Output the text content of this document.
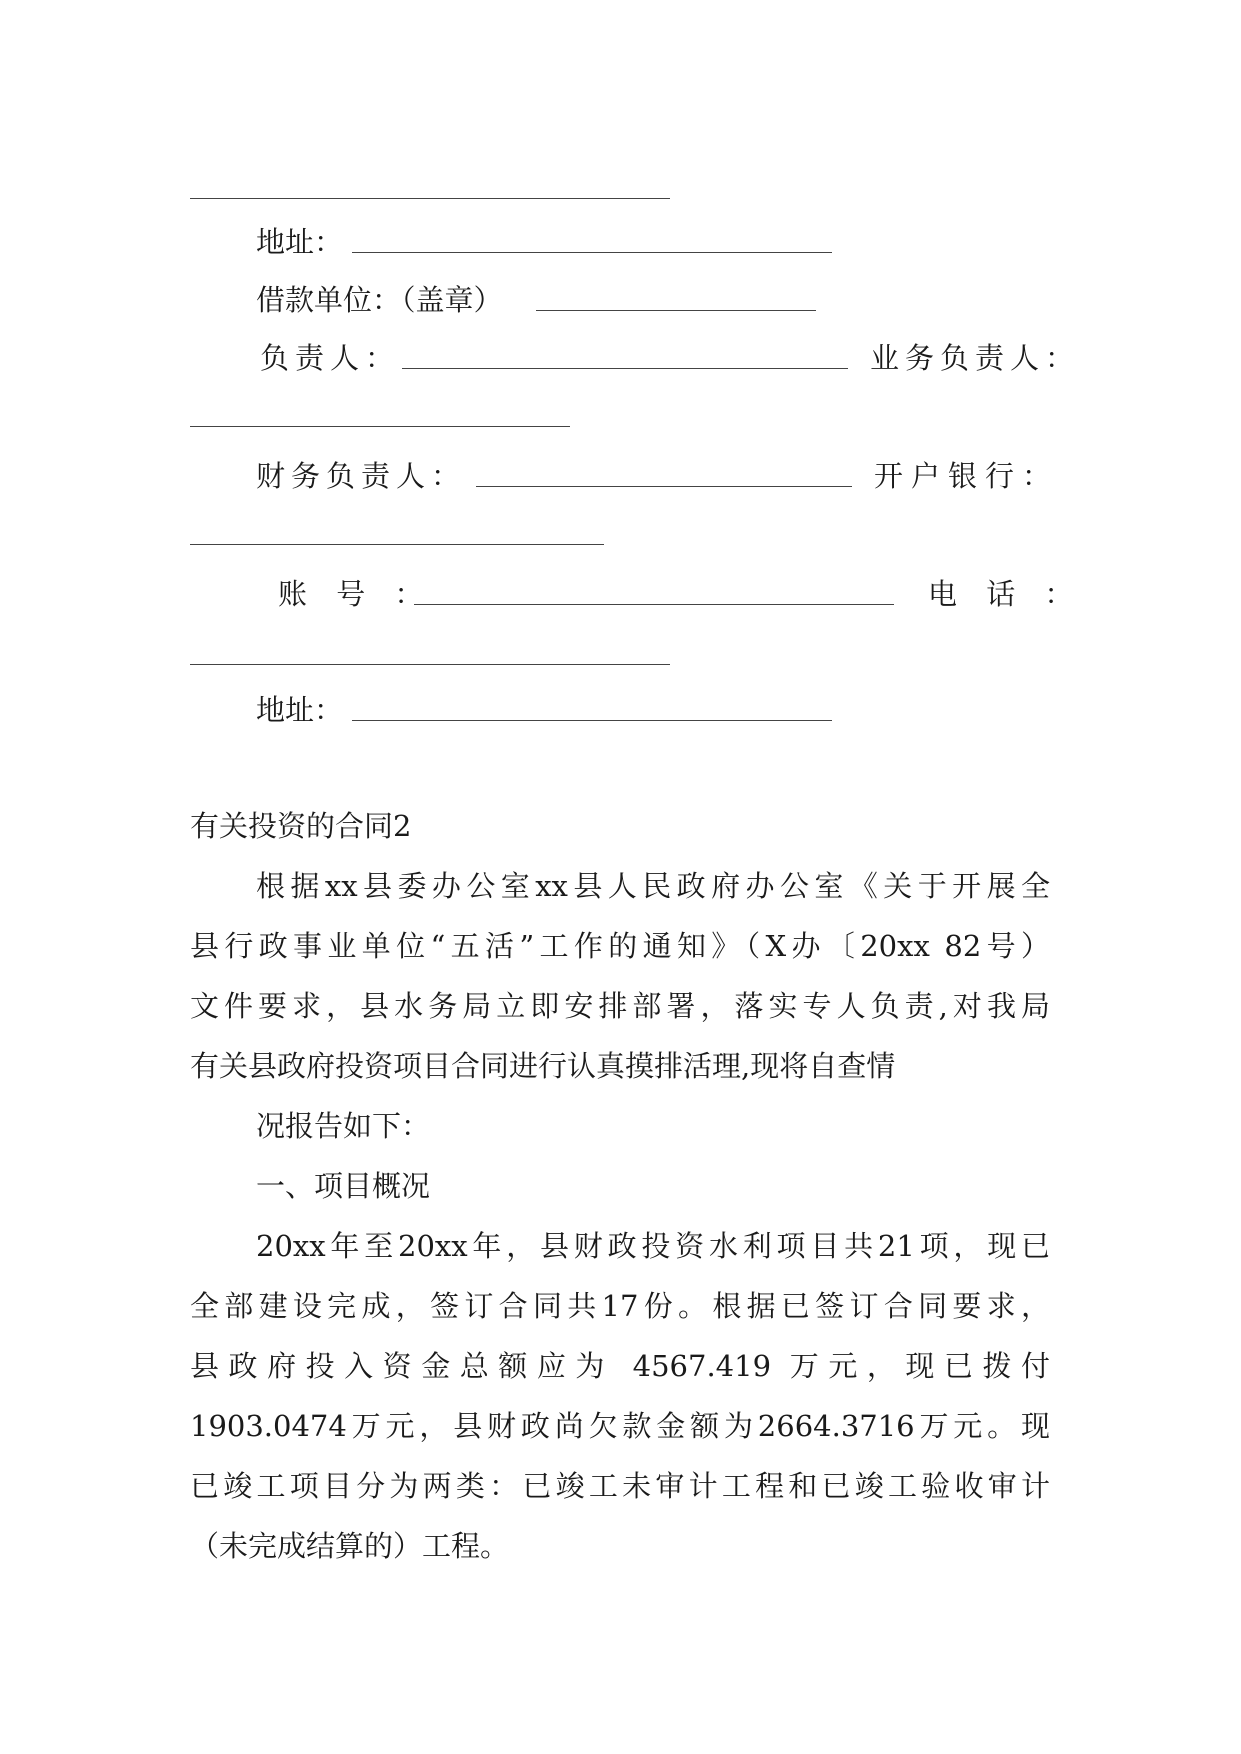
地址：
借款单位：（盖章）
负责人：	业务负责人：
财务负责人：	开户银行：
账 号 ：	电 话 ：
地址：
有关投资的合同2
根据xx县委办公室xx县人民政府办公室《关于开展全
县行政事业单位“五活”工作的通知》（X办〔20xx 82号）
文件要求，县水务局立即安排部署，落实专人负责,对我局
有关县政府投资项目合同进行认真摸排活理,现将自查情
况报告如下：
一、项目概况
20xx年至20xx年，县财政投资水利项目共21项，现已
全部建设完成，签订合同共17份。根据已签订合同要求，
县政府投入资金总额应为 4567.419 万元，现已拨付
1903.0474万元，县财政尚欠款金额为2664.3716万元。现
已竣工项目分为两类：已竣工未审计工程和已竣工验收审计
（未完成结算的）工程。
